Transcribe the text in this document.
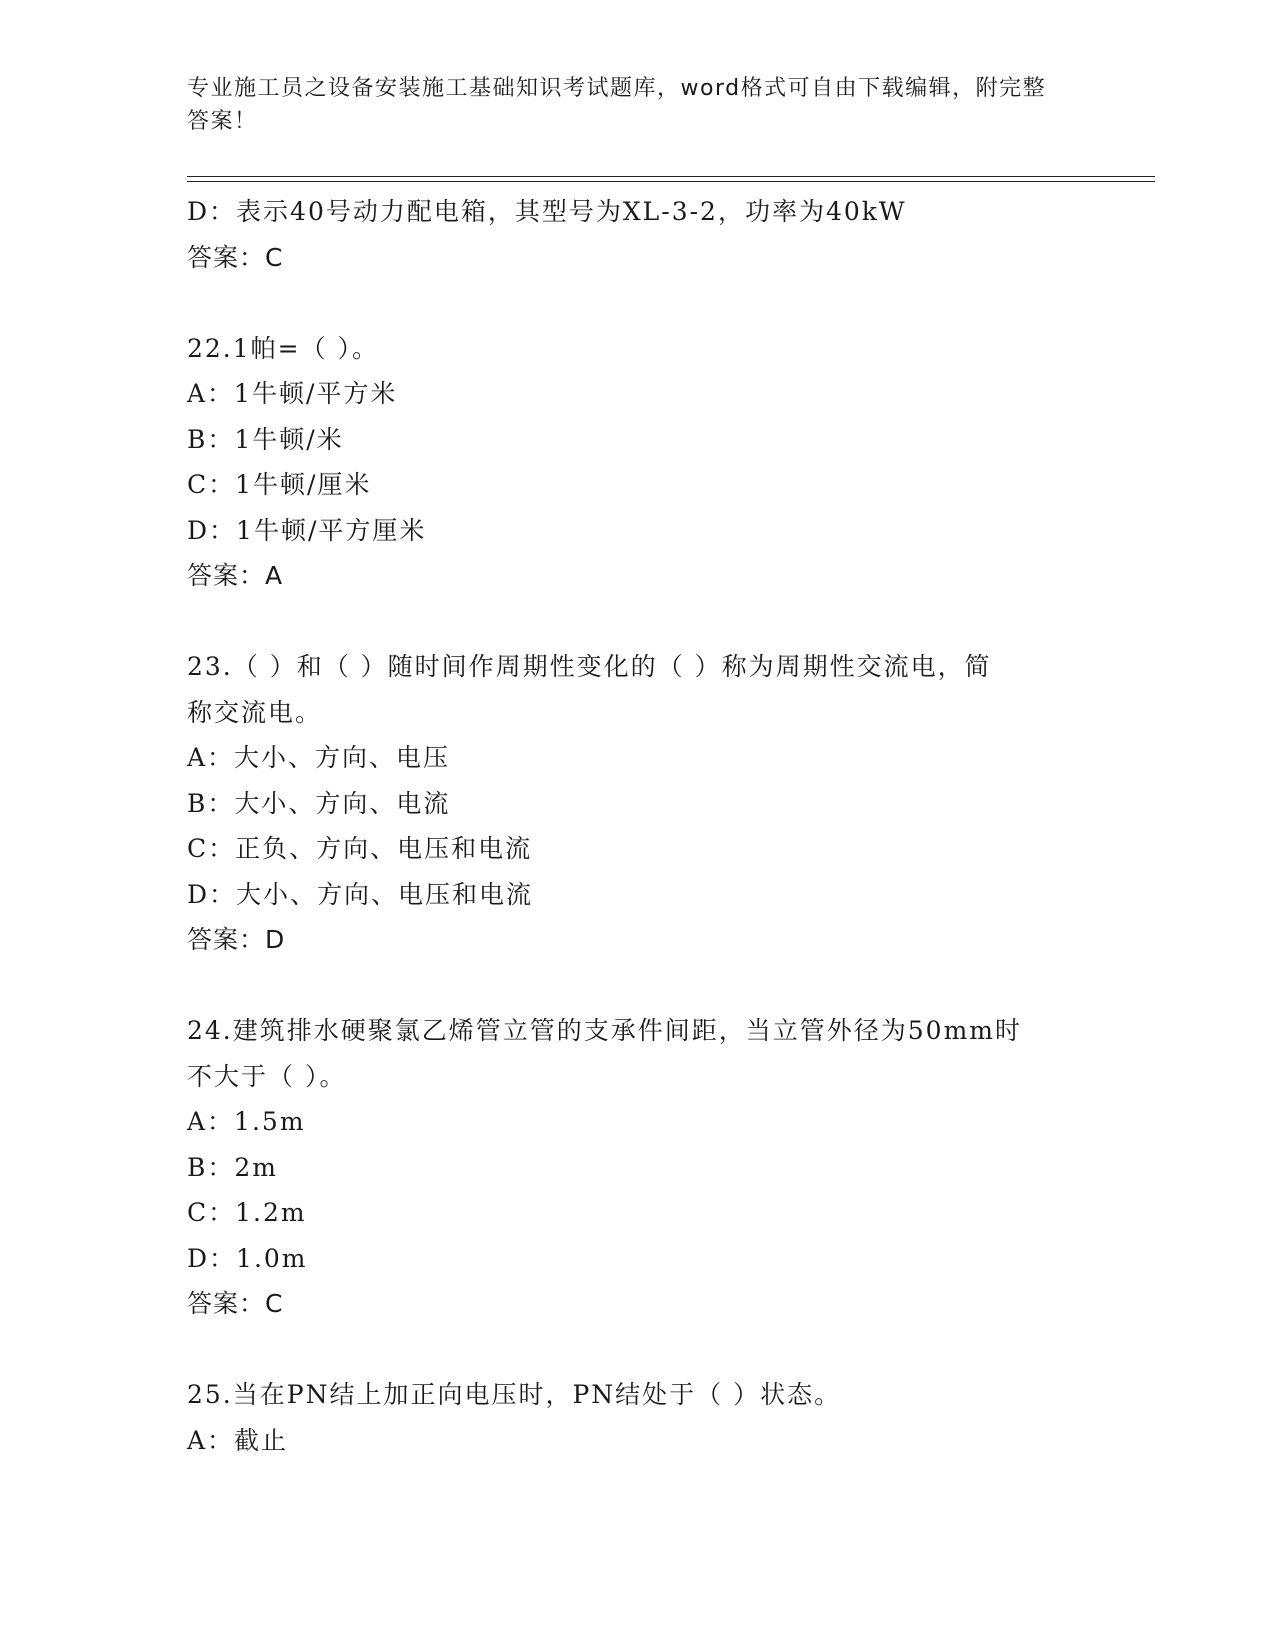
专业施工员之设备安装施工基础知识考试题库，word格式可自由下载编辑，附完整答案！
D：表示40号动力配电箱，其型号为XL-3-2，功率为40kW
答案：C
22.1帕=（ ）。
A：1牛顿/平方米
B：1牛顿/米
C：1牛顿/厘米
D：1牛顿/平方厘米
答案：A
23.（ ）和（ ）随时间作周期性变化的（ ）称为周期性交流电，简
称交流电。
A：大小、方向、电压
B：大小、方向、电流
C：正负、方向、电压和电流
D：大小、方向、电压和电流
答案：D
24.建筑排水硬聚氯乙烯管立管的支承件间距，当立管外径为50mm时
不大于（ ）。
A：1.5m
B：2m
C：1.2m
D：1.0m
答案：C
25.当在PN结上加正向电压时，PN结处于（ ）状态。
A：截止
